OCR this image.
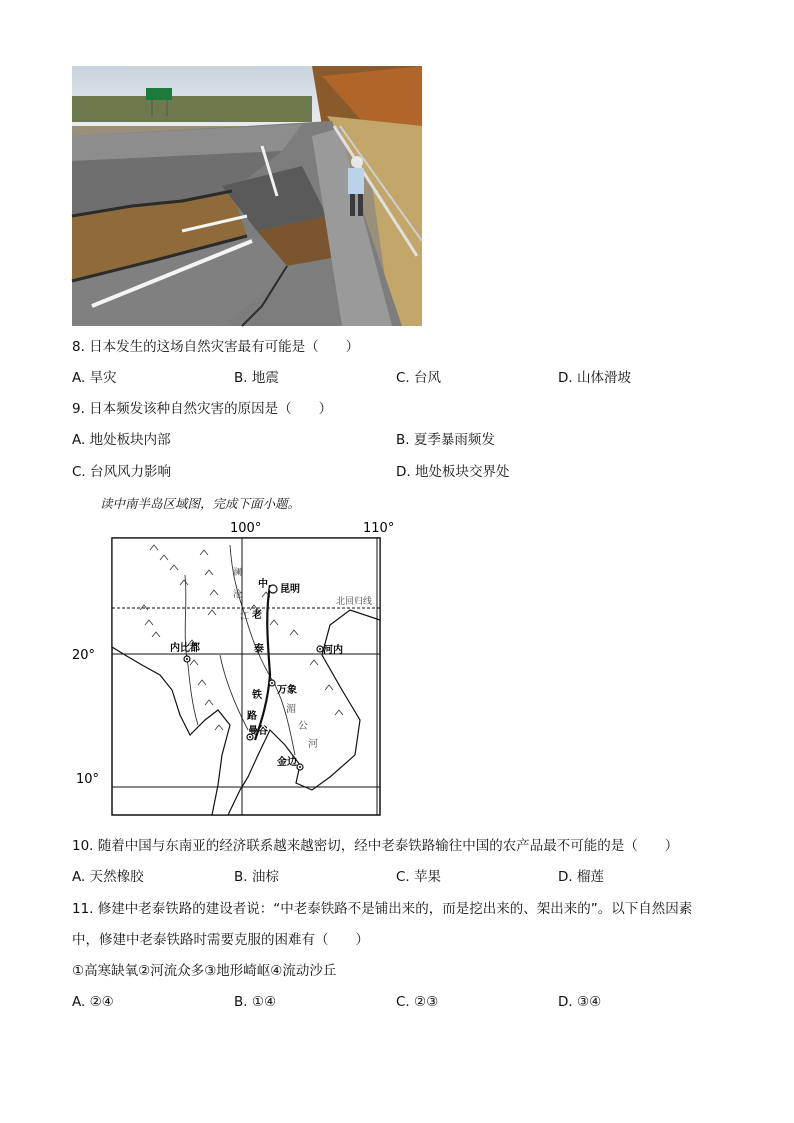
8. 日本发生的这场自然灾害最有可能是（　　）
A. 旱灾	B. 地震	C. 台风	D. 山体滑坡
9. 日本频发该种自然灾害的原因是（　　）
A. 地处板块内部	B. 夏季暴雨频发
C. 台风风力影响	D. 地处板块交界处
读中南半岛区域图，完成下面小题。
100°	110°
20°
10°
中 昆明
北回归线
澜
沧
江 老
泰
铁
路
内比都	河内
万象
湄
公
河
曼谷
金边
10. 随着中国与东南亚的经济联系越来越密切，经中老泰铁路输往中国的农产品最不可能的是（　　）
A. 天然橡胶	B. 油棕	C. 苹果	D. 榴莲
11. 修建中老泰铁路的建设者说：“中老泰铁路不是铺出来的，而是挖出来的、架出来的”。以下自然因素
中，修建中老泰铁路时需要克服的困难有（　　）
①高寒缺氧②河流众多③地形崎岖④流动沙丘
A. ②④	B. ①④	C. ②③	D. ③④
